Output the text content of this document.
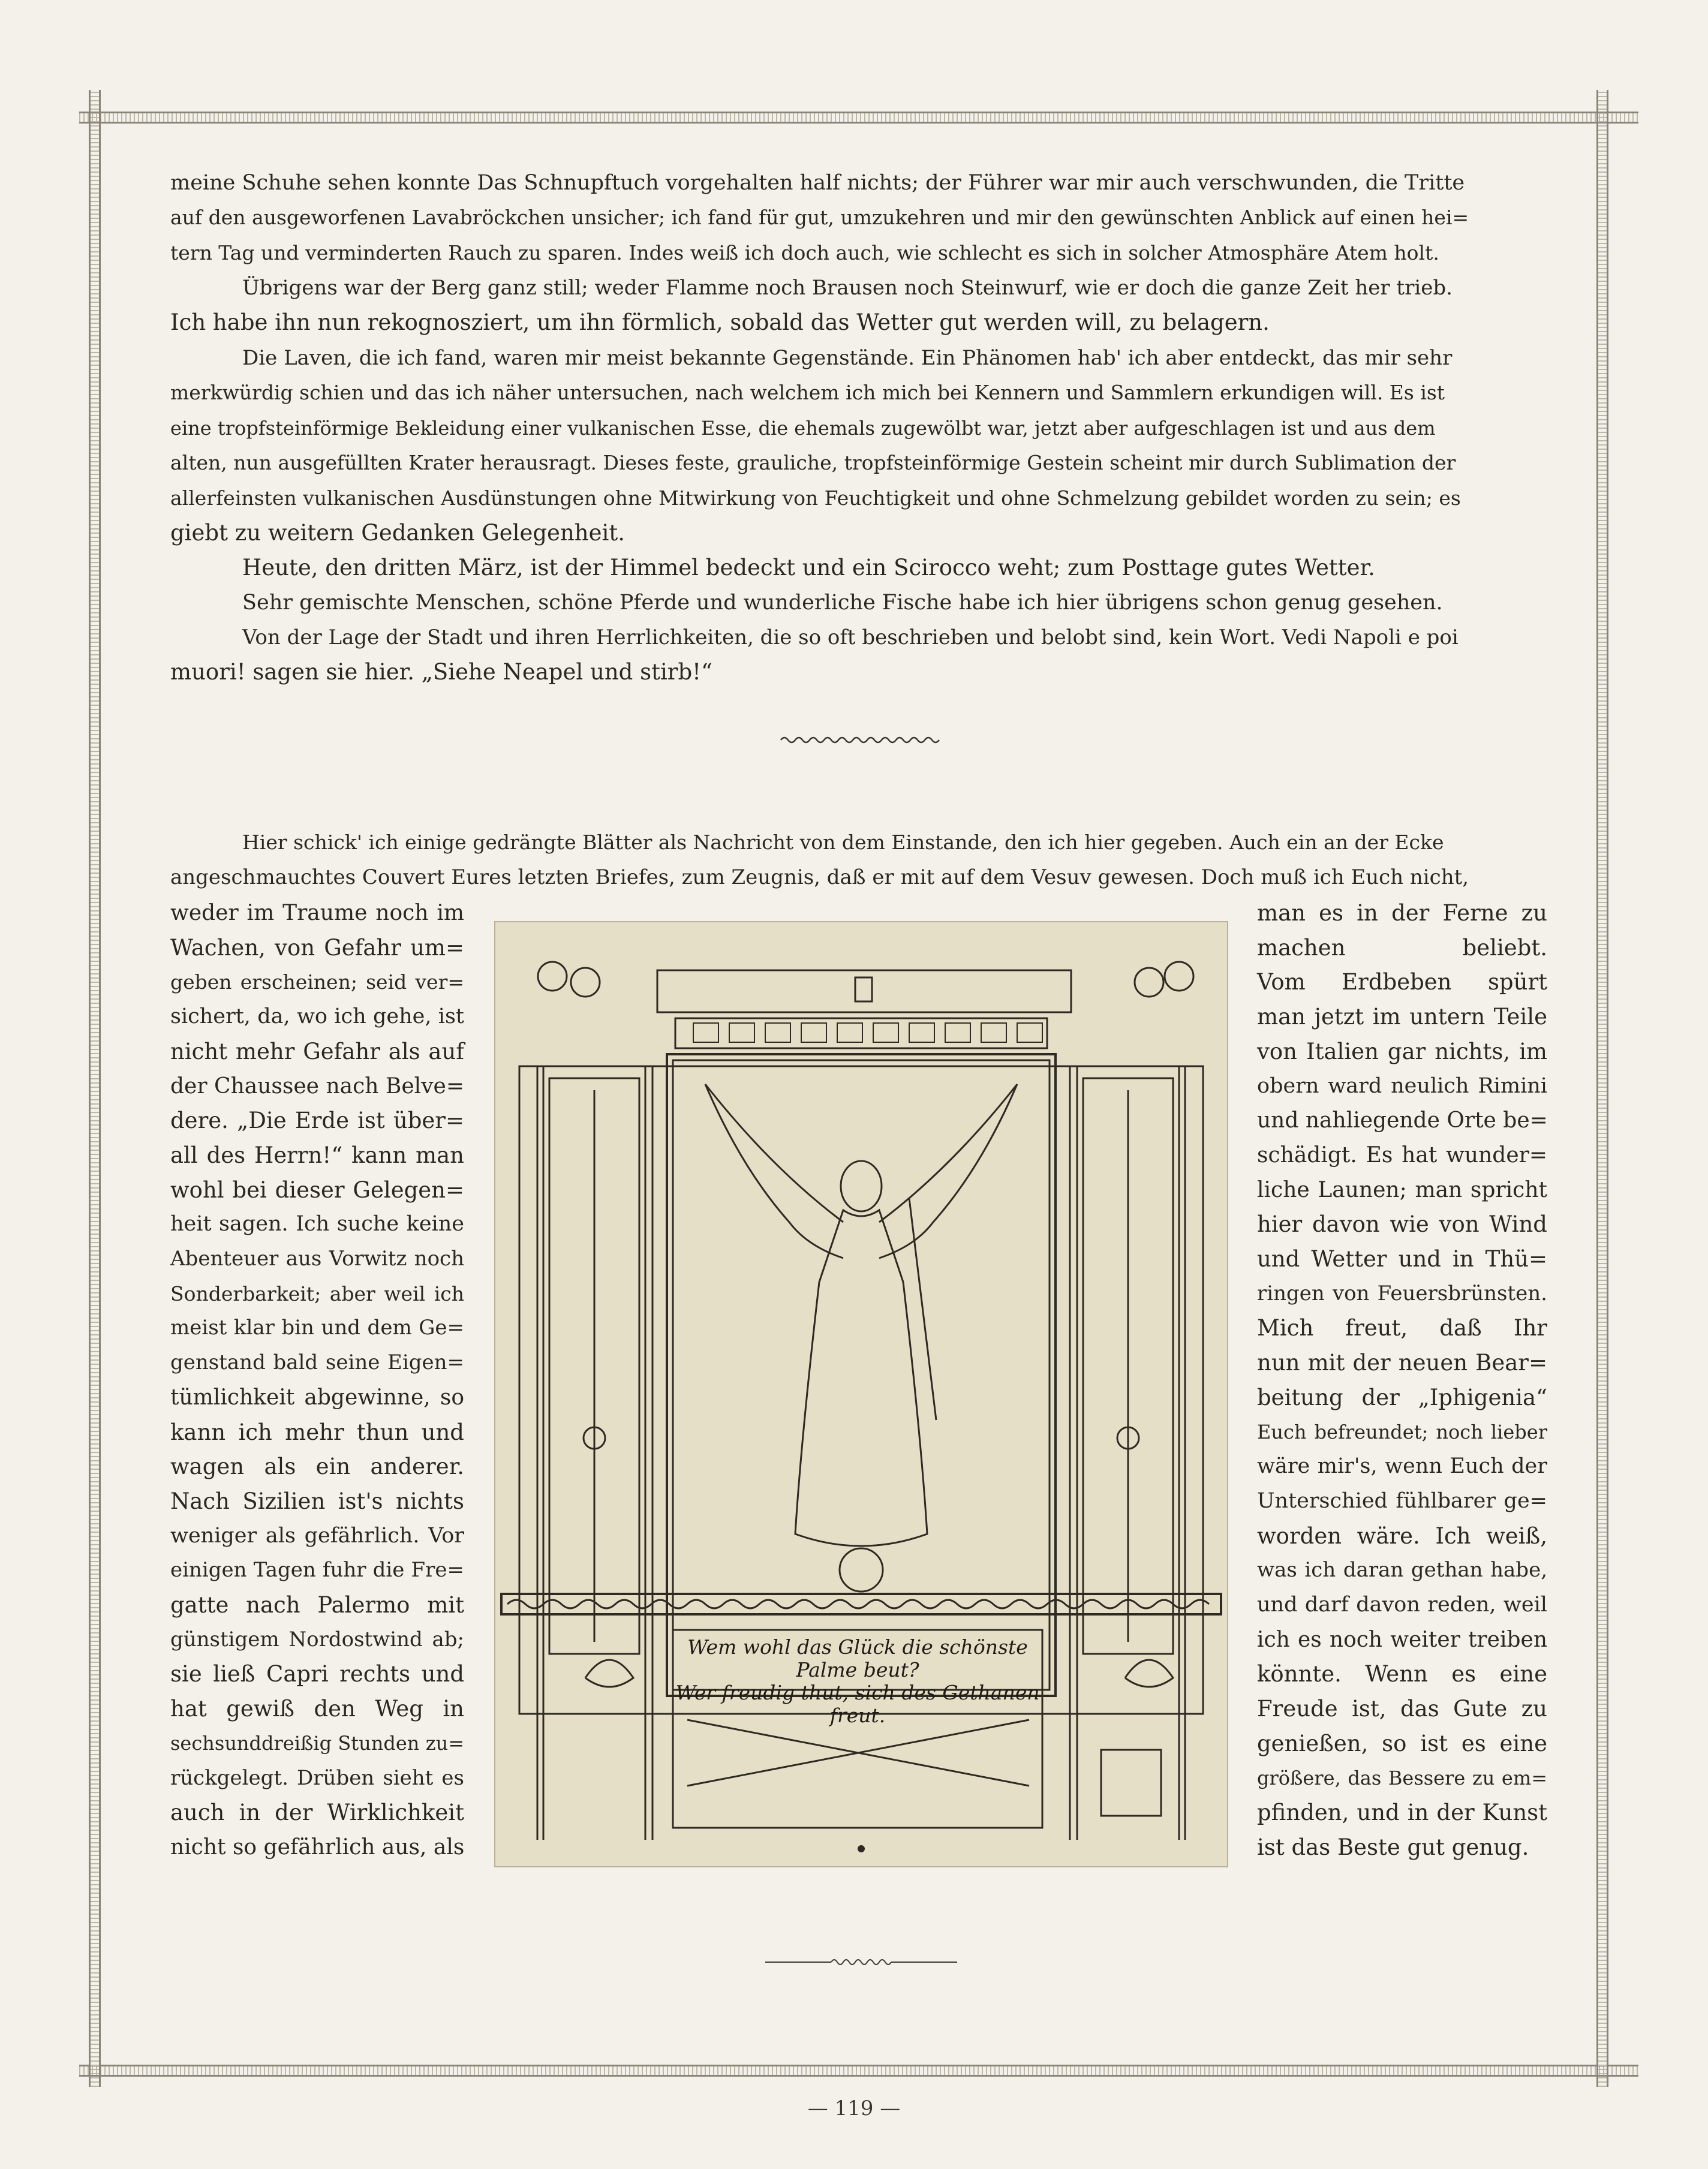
meine Schuhe sehen konnte Das Schnupftuch vorgehalten half nichts; der Führer war mir auch verschwunden, die Tritte
auf den ausgeworfenen Lavabröckchen unsicher; ich fand für gut, umzukehren und mir den gewünschten Anblick auf einen hei=
tern Tag und verminderten Rauch zu sparen. Indes weiß ich doch auch, wie schlecht es sich in solcher Atmosphäre Atem holt.
Übrigens war der Berg ganz still; weder Flamme noch Brausen noch Steinwurf, wie er doch die ganze Zeit her trieb.
Ich habe ihn nun rekognosziert, um ihn förmlich, sobald das Wetter gut werden will, zu belagern.
Die Laven, die ich fand, waren mir meist bekannte Gegenstände. Ein Phänomen hab' ich aber entdeckt, das mir sehr
merkwürdig schien und das ich näher untersuchen, nach welchem ich mich bei Kennern und Sammlern erkundigen will. Es ist
eine tropfsteinförmige Bekleidung einer vulkanischen Esse, die ehemals zugewölbt war, jetzt aber aufgeschlagen ist und aus dem
alten, nun ausgefüllten Krater herausragt. Dieses feste, grauliche, tropfsteinförmige Gestein scheint mir durch Sublimation der
allerfeinsten vulkanischen Ausdünstungen ohne Mitwirkung von Feuchtigkeit und ohne Schmelzung gebildet worden zu sein; es
giebt zu weitern Gedanken Gelegenheit.
Heute, den dritten März, ist der Himmel bedeckt und ein Scirocco weht; zum Posttage gutes Wetter.
Sehr gemischte Menschen, schöne Pferde und wunderliche Fische habe ich hier übrigens schon genug gesehen.
Von der Lage der Stadt und ihren Herrlichkeiten, die so oft beschrieben und belobt sind, kein Wort. Vedi Napoli e poi
muori! sagen sie hier. „Siehe Neapel und stirb!“
Hier schick' ich einige gedrängte Blätter als Nachricht von dem Einstande, den ich hier gegeben. Auch ein an der Ecke
angeschmauchtes Couvert Eures letzten Briefes, zum Zeugnis, daß er mit auf dem Vesuv gewesen. Doch muß ich Euch nicht,
weder im Traume noch im
Wachen, von Gefahr um=
geben erscheinen; seid ver=
sichert, da, wo ich gehe, ist
nicht mehr Gefahr als auf
der Chaussee nach Belve=
dere. „Die Erde ist über=
all des Herrn!“ kann man
wohl bei dieser Gelegen=
heit sagen. Ich suche keine
Abenteuer aus Vorwitz noch
Sonderbarkeit; aber weil ich
meist klar bin und dem Ge=
genstand bald seine Eigen=
tümlichkeit abgewinne, so
kann ich mehr thun und
wagen als ein anderer.
Nach Sizilien ist's nichts
weniger als gefährlich. Vor
einigen Tagen fuhr die Fre=
gatte nach Palermo mit
günstigem Nordostwind ab;
sie ließ Capri rechts und
hat gewiß den Weg in
sechsunddreißig Stunden zu=
rückgelegt. Drüben sieht es
auch in der Wirklichkeit
nicht so gefährlich aus, als
man es in der Ferne zu
machen beliebt.
Vom Erdbeben spürt
man jetzt im untern Teile
von Italien gar nichts, im
obern ward neulich Rimini
und nahliegende Orte be=
schädigt. Es hat wunder=
liche Launen; man spricht
hier davon wie von Wind
und Wetter und in Thü=
ringen von Feuersbrünsten.
Mich freut, daß Ihr
nun mit der neuen Bear=
beitung der „Iphigenia“
Euch befreundet; noch lieber
wäre mir's, wenn Euch der
Unterschied fühlbarer ge=
worden wäre. Ich weiß,
was ich daran gethan habe,
und darf davon reden, weil
ich es noch weiter treiben
könnte. Wenn es eine
Freude ist, das Gute zu
genießen, so ist es eine
größere, das Bessere zu em=
pfinden, und in der Kunst
ist das Beste gut genug.
Wem wohl das Glück die schönste Palme beut?
Wer freudig thut, sich des Gethanen
freut.
— 119 —
